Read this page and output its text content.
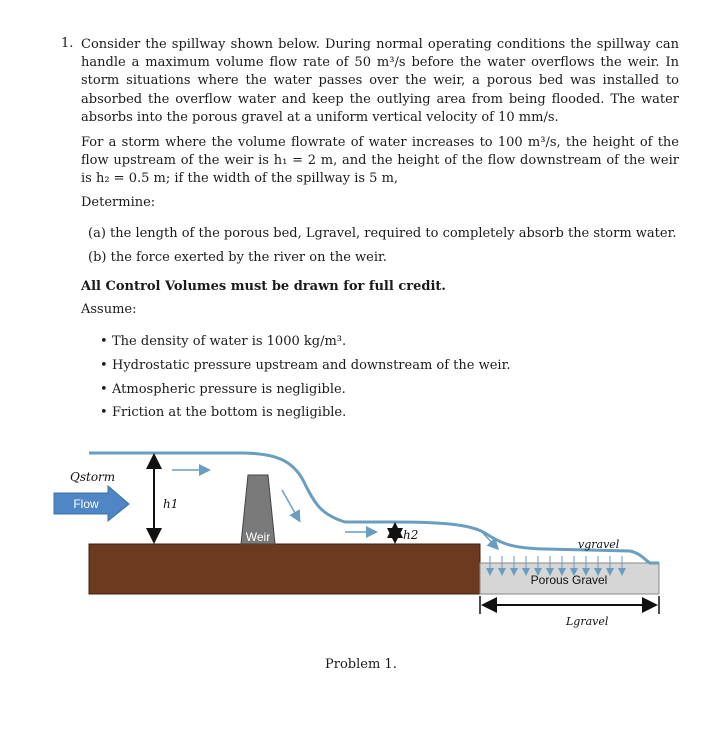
1. Consider the spillway shown below. During normal operating conditions the spillway can handle a maximum volume flow rate of 50 m³/s before the water overflows the weir. In storm situations where the water passes over the weir, a porous bed was installed to absorbed the overflow water and keep the outlying area from being flooded. The water absorbs into the porous gravel at a uniform vertical velocity of 10 mm/s.
For a storm where the volume flowrate of water increases to 100 m³/s, the height of the flow upstream of the weir is h₁ = 2 m, and the height of the flow downstream of the weir is h₂ = 0.5 m; if the width of the spillway is 5 m,
Determine:
(a) the length of the porous bed, Lgravel, required to completely absorb the storm water.
(b) the force exerted by the river on the weir.
All Control Volumes must be drawn for full credit.
Assume:
• The density of water is 1000 kg/m³.
• Hydrostatic pressure upstream and downstream of the weir.
• Atmospheric pressure is negligible.
• Friction at the bottom is negligible.
Weir
h1
h2
Qstorm
Flow
vgravel
Porous Gravel
Lgravel
Problem 1.
